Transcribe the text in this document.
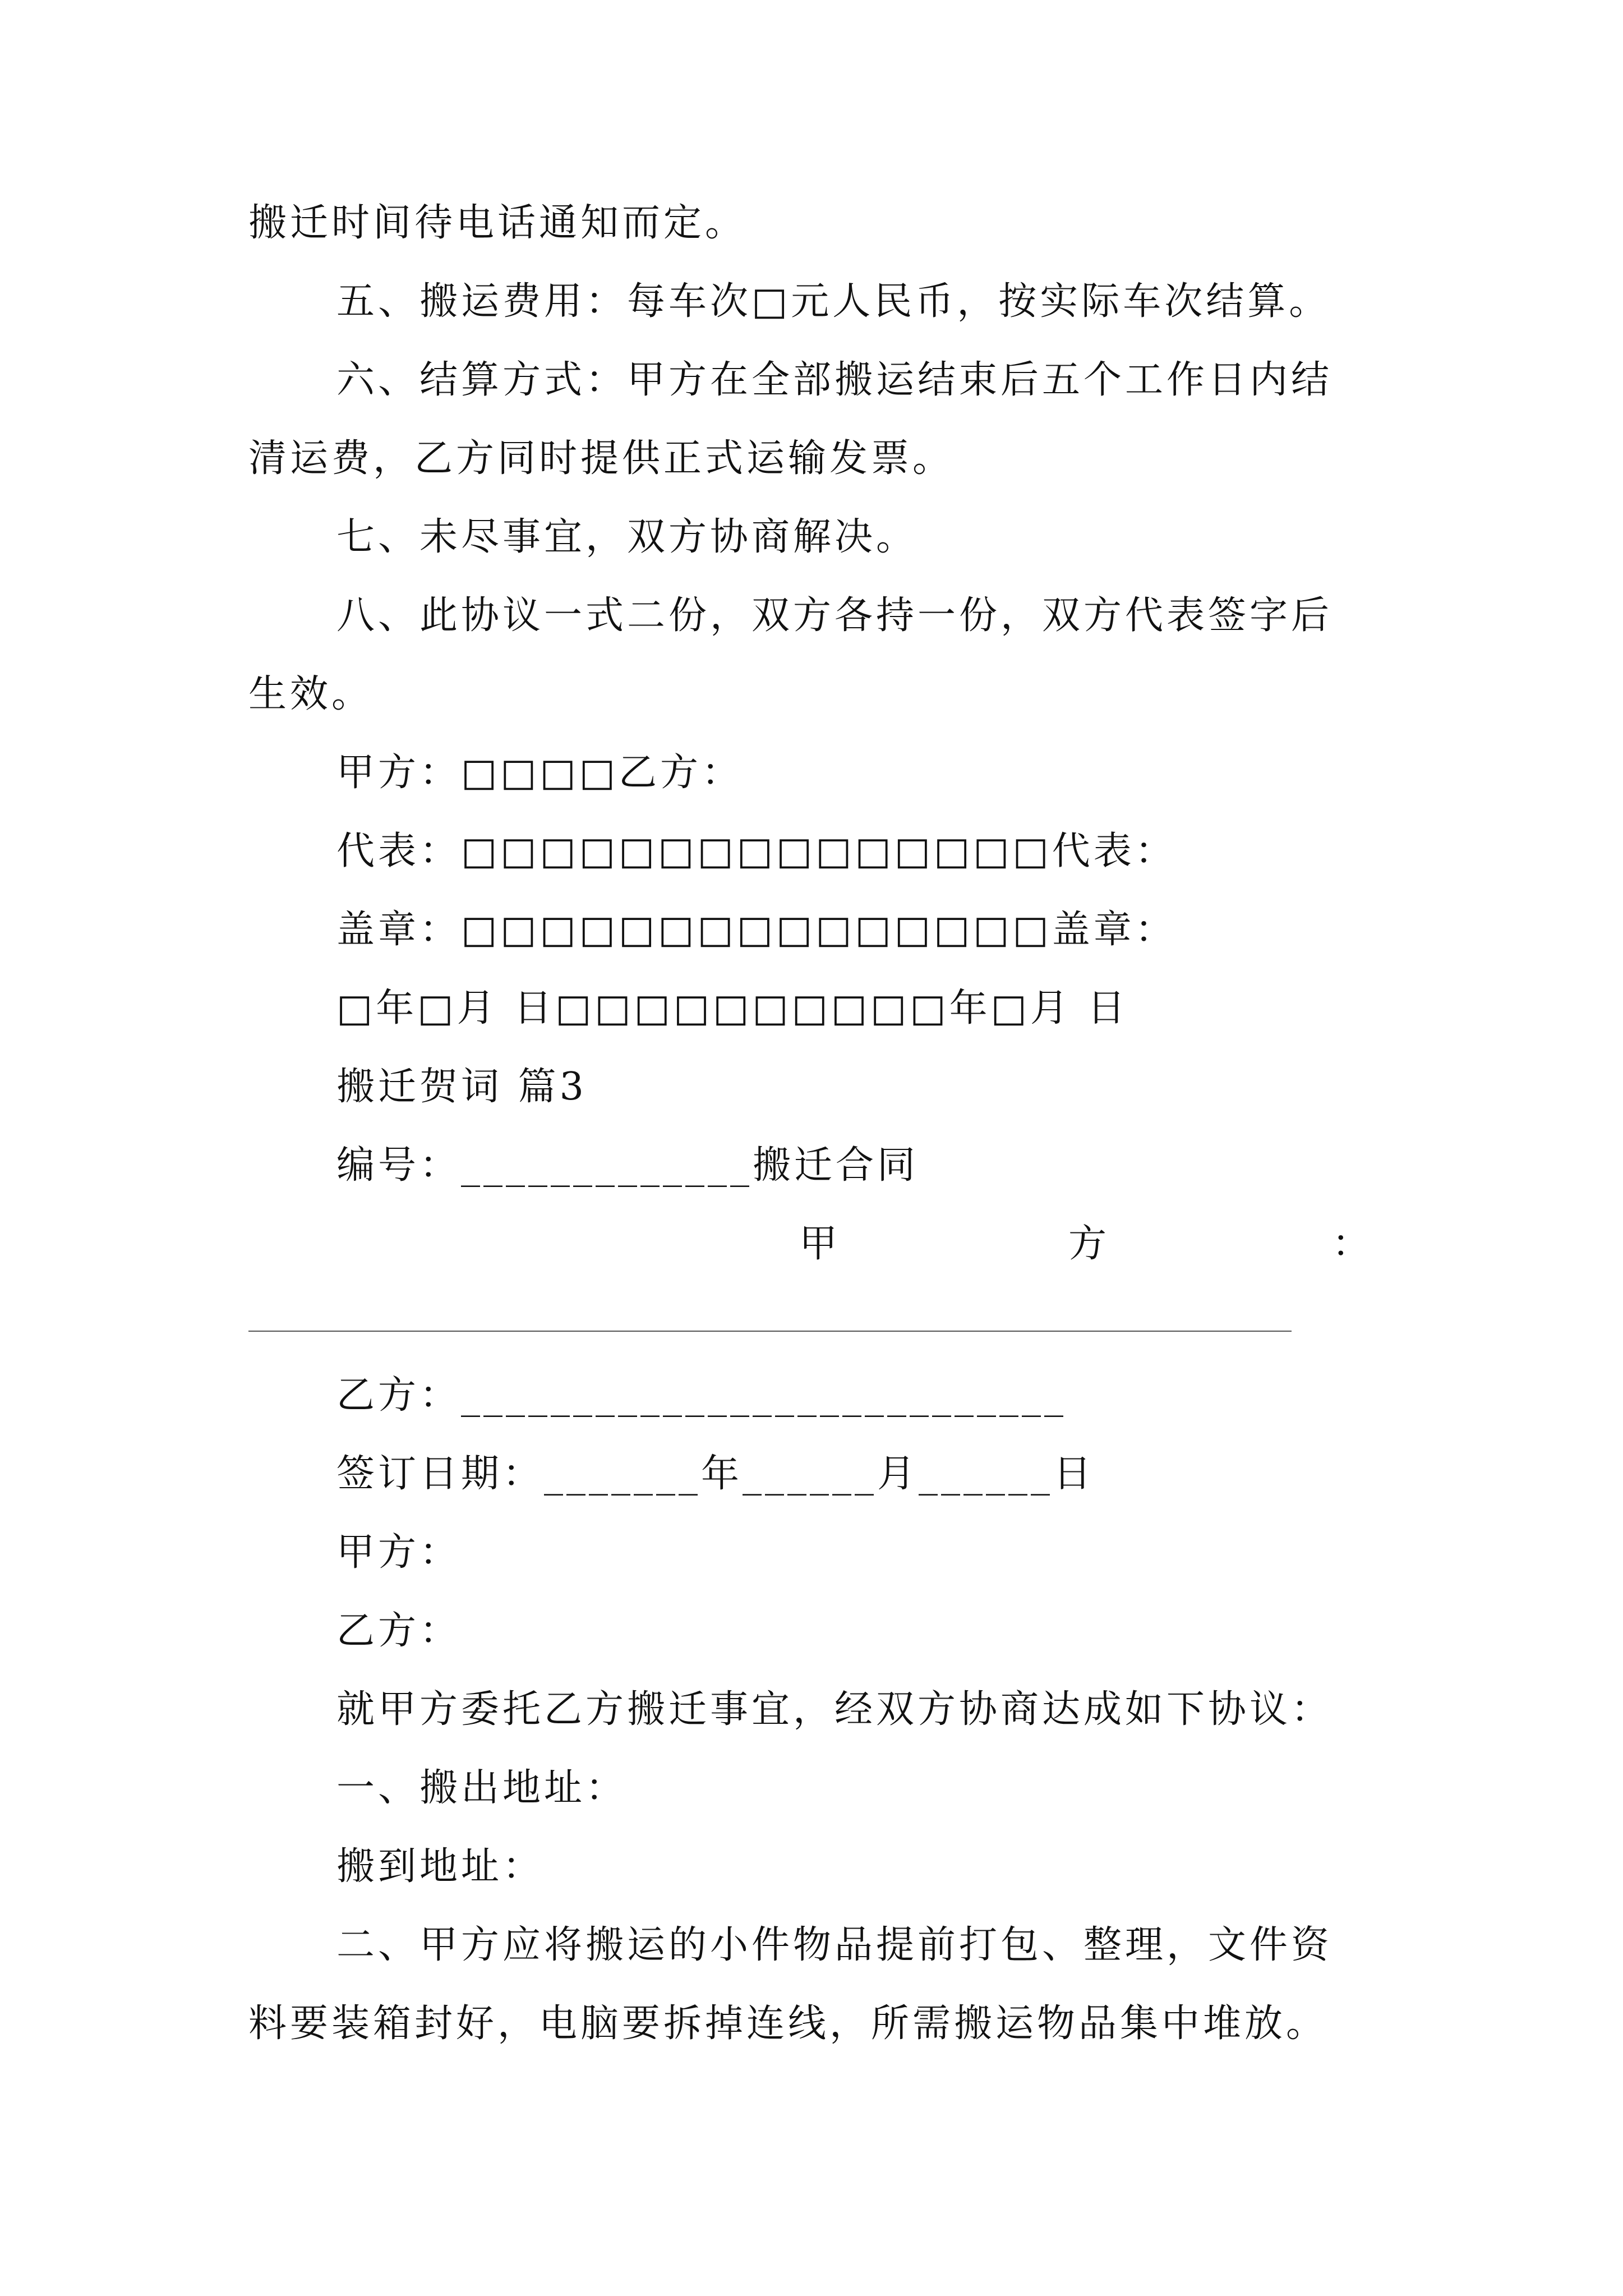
搬迁时间待电话通知而定。
五、搬运费用：每车次□元人民币，按实际车次结算。
六、结算方式：甲方在全部搬运结束后五个工作日内结
清运费，乙方同时提供正式运输发票。
七、未尽事宜，双方协商解决。
八、此协议一式二份，双方各持一份，双方代表签字后
生效。
甲方：□□□□乙方：
代表：□□□□□□□□□□□□□□□代表：
盖章：□□□□□□□□□□□□□□□盖章：
□年□月 日□□□□□□□□□□年□月 日
搬迁贺词 篇3
编号：_____________搬迁合同
甲	方	：
乙方：___________________________
签订日期：_______年______月______日
甲方：
乙方：
就甲方委托乙方搬迁事宜，经双方协商达成如下协议：
一、搬出地址：
搬到地址：
二、甲方应将搬运的小件物品提前打包、整理，文件资
料要装箱封好，电脑要拆掉连线，所需搬运物品集中堆放。
